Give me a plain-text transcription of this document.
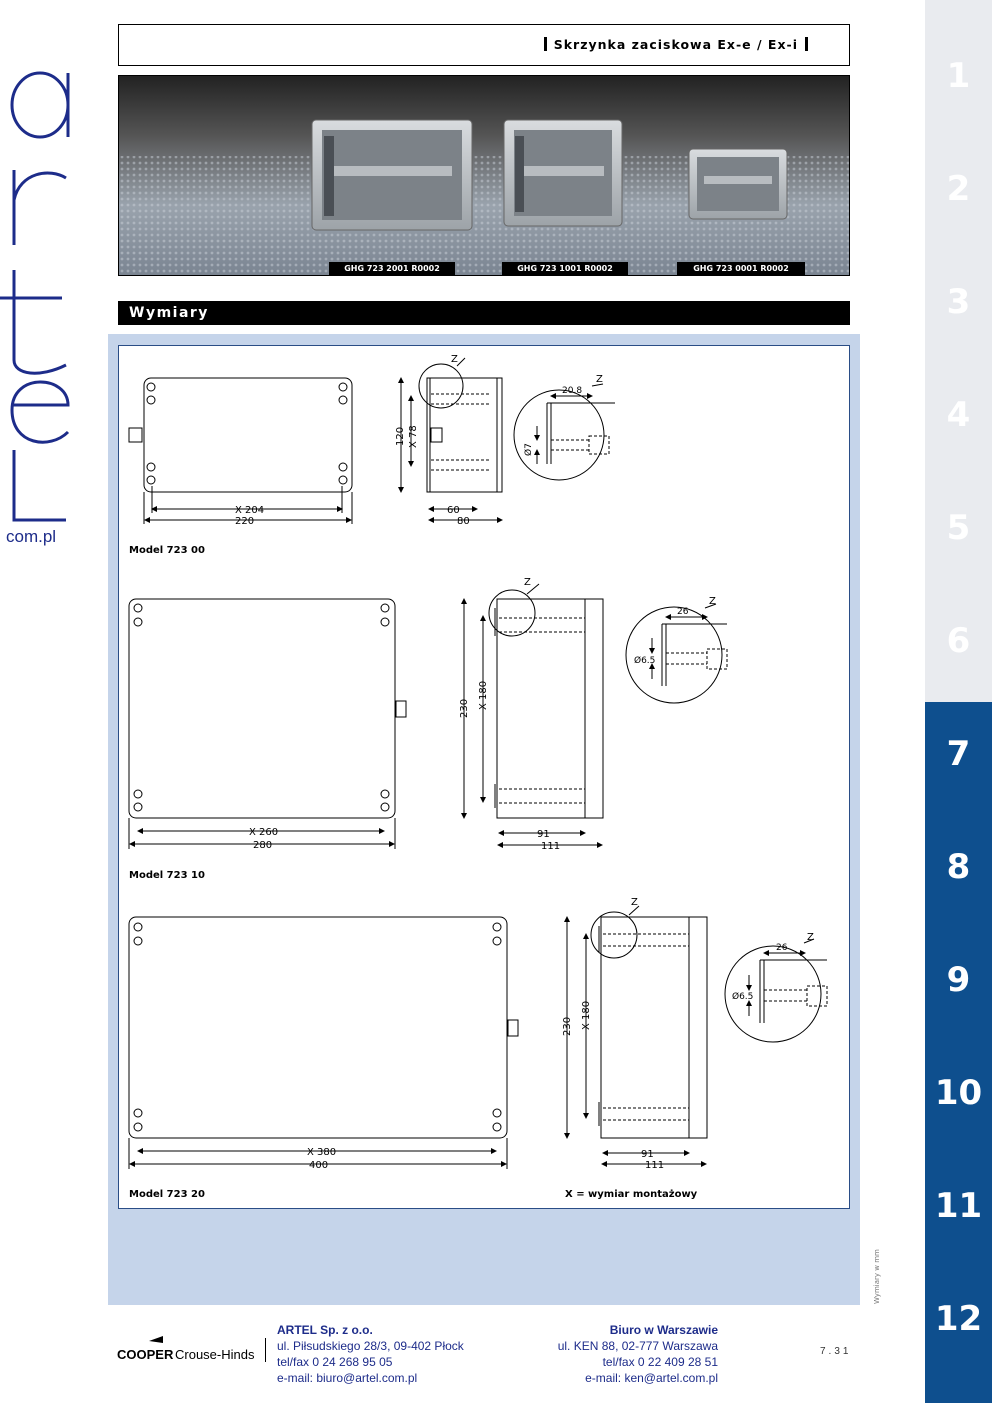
com.pl
1
2
3
4
5
6
7
8
9
10
11
12
Skrzynka zaciskowa Ex-e / Ex-i
GHG 723 2001 R0002	GHG 723 1001 R0002	GHG 723 0001 R0002
Wymiary
X 204
220
120 X 78
60
80
Z
20.8
Z
Ø7
Model 723 00
X 260
280
230 X 180
91
111
Z
26
Z
Ø6.5
Model 723 10
X 380
400
230 X 180
91
111
Z
26
Z
Ø6.5
Model 723 20	X = wymiar montażowy
Wymiary w mm
COOPER Crouse-Hinds
ARTEL Sp. z o.o.
ul. Piłsudskiego 28/3, 09-402 Płock
tel/fax 0 24 268 95 05
e-mail: biuro@artel.com.pl
Biuro w Warszawie
ul. KEN 88, 02-777 Warszawa
tel/fax 0 22 409 28 51
e-mail: ken@artel.com.pl
7.31
